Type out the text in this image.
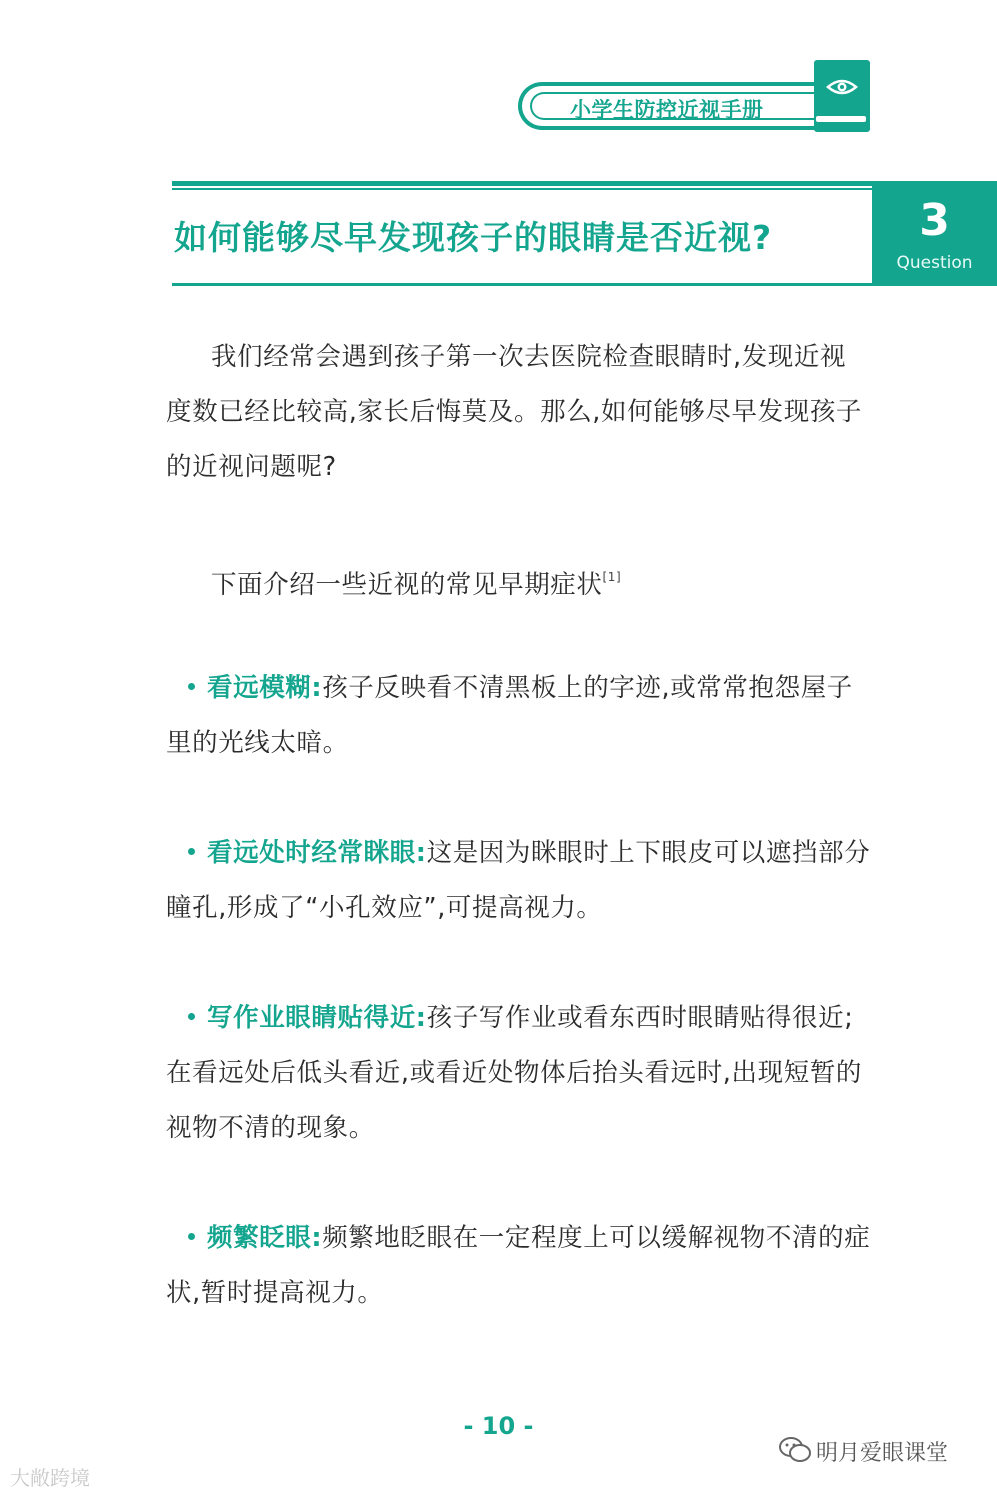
小学生防控近视手册
如何能够尽早发现孩子的眼睛是否近视?	3
Question
我们经常会遇到孩子第一次去医院检查眼睛时,发现近视度数已经比较高,家长后悔莫及。那么,如何能够尽早发现孩子的近视问题呢?
下面介绍一些近视的常见早期症状[1]
看远模糊:孩子反映看不清黑板上的字迹,或常常抱怨屋子里的光线太暗。
看远处时经常眯眼:这是因为眯眼时上下眼皮可以遮挡部分瞳孔,形成了“小孔效应”,可提高视力。
写作业眼睛贴得近:孩子写作业或看东西时眼睛贴得很近;在看远处后低头看近,或看近处物体后抬头看远时,出现短暂的视物不清的现象。
频繁眨眼:频繁地眨眼在一定程度上可以缓解视物不清的症状,暂时提高视力。
- 10 -
大敞跨境
明月爱眼课堂
